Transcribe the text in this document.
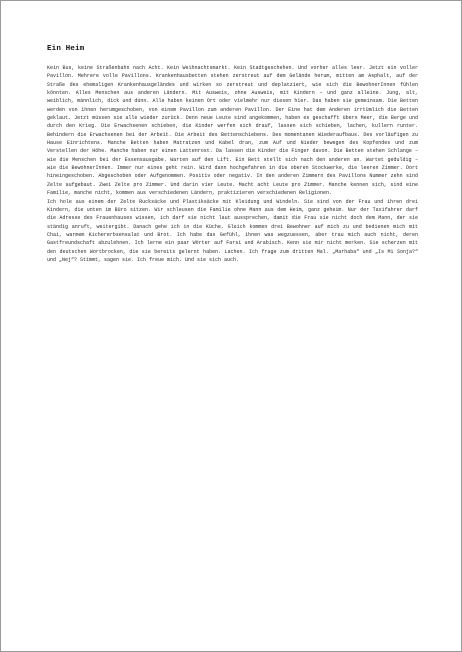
Ein Heim

Kein Bus, keine Straßenbahn nach Acht. Kein Weihnachtsmarkt. Kein Stadtgeschehen. Und vorher alles leer. Jetzt ein voller Pavillon. Mehrere volle Pavillons. Krankenhausbetten stehen zerstreut auf dem Gelände herum, mitten am Asphalt, auf der Straße des ehemaligen Krankenhausgeländes und wirken so zerstreut und deplatziert, wie sich die BewohnerInnen fühlen könnten. Alles Menschen aus anderen Ländern. Mit Ausweis, ohne Ausweis, mit Kindern – und ganz alleine. Jung, alt, weiblich, männlich, dick und dünn. Alle haben keinen Ort oder vielmehr nur diesen hier. Das haben sie gemeinsam. Die Betten werden von ihnen herumgeschoben, von einem Pavillon zum anderen Pavillon. Der Eine hat dem Anderen irrtümlich die Betten geklaut. Jetzt müssen sie alle wieder zurück. Denn neue Leute sind angekommen, haben es geschafft übers Meer, die Berge und durch den Krieg. Die Erwachsenen schieben, die Kinder werfen sich drauf, lassen sich schieben, lachen, kullern runter. Behindern die Erwachsenen bei der Arbeit. Die Arbeit des Bettenschiebens. Des momentanen Wiederaufbaus. Des vorläufigen zu Hause Einrichtens. Manche Betten haben Matratzen und Kabel dran, zum Auf und Nieder bewegen des Kopfendes und zum Verstellen der Höhe. Manche haben nur einen Lattenrost. Da lassen die Kinder die Finger davon. Die Betten stehen Schlange – wie die Menschen bei der Essensausgabe. Warten auf den Lift. Ein Bett stellt sich nach den anderen an. Wartet geduldig – wie die BewohnerInnen. Immer nur eines geht rein. Wird dann hochgefahren in die oberen Stockwerke, die leeren Zimmer. Dort hineingeschoben. Abgeschoben oder Aufgenommen. Positiv oder negativ. In den anderen Zimmern des Pavillons Nummer zehn sind Zelte aufgebaut. Zwei Zelte pro Zimmer. Und darin vier Leute. Macht acht Leute pro Zimmer. Manche kennen sich, sind eine Familie, manche nicht, kommen aus verschiedenen Ländern, praktizieren verschiedenen Religionen.

Ich hole aus einem der Zelte Rucksäcke und Plastiksäcke mit Kleidung und Windeln. Sie sind von der Frau und ihren drei Kindern, die unten im Büro sitzen. Wir schleusen die Familie ohne Mann aus dem Heim, ganz geheim. Nur der Taxifahrer darf die Adresse des Frauenhauses wissen, ich darf sie nicht laut aussprechen, damit die Frau sie nicht doch dem Mann, der sie ständig anruft, weitergibt. Danach gehe ich in die Küche. Gleich kommen drei Bewohner auf mich zu und bedienen mich mit Chai, warmem Kichererbsensalat und Brot. Ich habe das Gefühl, ihnen was wegzuessen, aber trau mich auch nicht, deren Gastfreundschaft abzulehnen. Ich lerne ein paar Wörter auf Farsi und Arabisch. Kenn sie mir nicht merken. Sie scherzen mit den deutschen Wortbrocken, die sie bereits gelernt haben. Lachen. Ich frage zum dritten Mal. „Marhaba“ und „Is Mi Sonja?“ und „Nej“? Stimmt, sagen sie. Ich freue mich. Und sie sich auch.
